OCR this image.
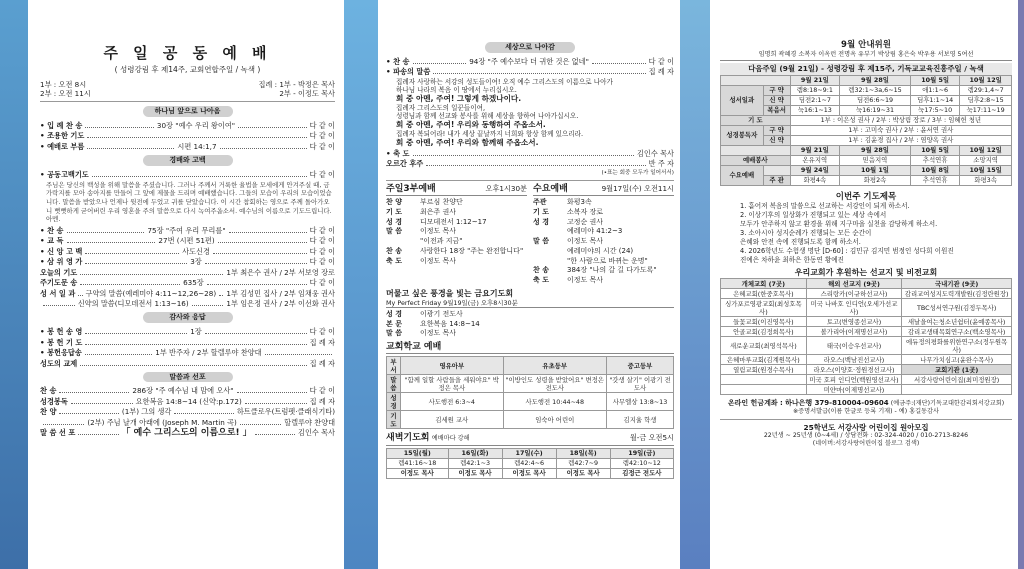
주 일 공 동 예 배
( 성령강림 후 제14주, 교회연합주일 / 녹색 )
1부 : 오전 8시	집례 : 1부 - 박정은 목사
2부 : 오전 11시	2부 - 이정도 목사
하나님 앞으로 나아옴
• 입 례 찬 송	30장 "예수 우리 왕이여"	다 같 이
• 조용한 기도	다 같 이
• 예배로 부름	시편 14:1,7	다 같 이
경배와 고백
• 공동고백기도	다 같 이
주님은 당신의 백성을 위해 말씀을 주셨습니다. 그러나 주께서 거룩한 율법을 모세에게 안겨주실 때, 금가락지를 모아 송아지를 만들어 그 앞에 제물을 드리며 예배했습니다. 그들의 모습이 우리의 모습이었습니다. 말씀을 받았으나 언제나 뒷전에 두었고 귀를 닫았습니다. 이 시간 참회하는 영으로 주께 돌아가오니 뻣뻣하게 굳어버린 우리 영혼을 주의 말씀으로 다시 녹여주옵소서. 예수님의 이름으로 기도드립니다. 아멘.
• 찬 송	75장 "주여 우리 무리를"	다 같 이
• 교 독	27번 (시편 51편)	다 같 이
• 신 앙 고 백	사도신경	다 같 이
• 삼 위 영 가	3장	다 같 이
오늘의 기도	1부 최은수 권사 / 2부 서보영 장로
주기도문 송	635장	다 같 이
성 서 일 과 구약의 말씀(예레미야 4:11~12,26~28) 1부 김성민 집사 / 2부 임채웅 권사
신약의 말씀(디모데전서 1:13~16)	1부 임은정 권사 / 2부 이선화 권사
감사와 응답
• 봉 헌 송 영	1장	다 같 이
• 봉 헌 기 도	집 례 자
• 봉헌응답송	1부 반주자 / 2부 할렐루야 찬양대
성도의 교제	집 례 자
말씀과 선포
찬 송	286장 "주 예수님 내 맘에 오사"	다 같 이
성경봉독	요한복음 14:8~14 (신약:p.172)	집 례 자
찬 양	(1부) 그의 생각	하트클로우(트럼펫·클래식기타)
(2부) 주님 날개 아래에 (Joseph M. Martin 곡)	할렐루야 찬양대
말 씀 선 포	「 예수 그리스도의 이름으로! 」	김인수 목사
세상으로 나아감
• 찬 송	94장 "주 예수보다 더 귀한 것은 없네"	다 같 이
• 파송의 말씀	집 례 자
집례자 사랑하는 서강의 성도들이여! 오직 예수 그리스도의 이름으로 나아가
하나님 나라의 복음 이 땅에서 누리십시오.
회 중 아멘, 주여! 그렇게 하겠나이다.
집례자 그리스도의 일꾼들이여,
성령님과 함께 선교와 봉사를 위해 세상을 향하여 나아가십시오.
회 중 아멘, 주여! 우리와 동행하여 주옵소서.
집례자 복되어라! 내가 세상 끝날까지 너희와 항상 함께 있으리라.
회 중 아멘, 주여! 우리와 함께해 주옵소서.
• 축 도	김인수 목사
오르간 후주	반 주 자
(•표는 회중 모두가 일어서서)
주일3부예배	오후1시30분
찬 양	부르심 찬양단
기 도	최은주 권사
성 경	디모데전서 1:12~17
말 씀	이정도 목사
"이전과 지금"
찬 송	사랑한다 18장 "주는 완전합니다"
축 도	이정도 목사
수요예배	9월17일(수) 오전11시
주관	화평3속
기 도	소복자 장로
성 경	고정순 권사
예레미야 41:2~3
말 씀	이정도 목사
예레미야의 시간 (24)
"한 사람으로 바뀌는 운명"
찬 송	384장 "나의 갈 길 다가도록"
축 도	이정도 목사
머물고 싶은 풍경을 빛는 금요기도회
My Perfect Friday 9월19일(금) 오후8시30분
성 경	이광기 전도사
본 문	요한복음 14:8~14
말 씀	이정도 목사
교회학교 예배
부서	영유아부	유초등부	중고등부
말씀	"함께 일할 사람들을 세워야요" 박정은 목사	"이방인도 성령을 받았어요" 변정은 전도사	"갓생 살기" 이광기 전도사
성경	사도행전 6:3~4	사도행전 10:44~48	사무엘상 13:8~13
기도	김세원 교사	임숙아 어린이	김지율 학생
새벽기도회 예배마다 강해	월-금 오전5시
15일(월)	16일(화)	17일(수)	18일(목)	19일(금)
렘41:16~18	렘42:1~3	렘42:4~6	렘42:7~9	렘42:10~12
이정도 목사	이정도 목사	이정도 목사	이정도 목사	김정근 전도사
9월 안내위원
임명희 곽혜경 소복자 이옥런 전명옥 유부기 박상림 홍은숙 박우용 서보영 5여선
다음주일 (9월 21일) - 성령강림 후 제15주, 기독교교육진흥주일 / 녹색
		9월 21일	9월 28일	10월 5일	10월 12일
성서일과	구 약	렘8:18~9:1	렘32:1~3a,6~15	애1:1~6	렘29:1,4~7
	신 약	딤전2:1~7	딤전6:6~19	딤후1:1~14	딤후2:8~15
	복음서	눅16:1~13	눅16:19~31	눅17:5~10	눅17:11~19
기 도		1부 : 이은성 권사 / 2부 : 박상림 장로 / 3부 : 임혜헌 청년			
성경봉독자	구 약	1부 : 고미숙 권사 / 2부 : 윤서연 권사			
	신 약	1부 : 김윤경 집사 / 2부 : 염양옥 권사			
		9월 21일	9월 28일	10월 5일	10월 12일
예배봉사		온유지역	믿음지역	추석연휴	소망지역
수요예배		9월 24일	10월 1일	10월 8일	10월 15일
	주 관	화평4속	화평2속	추석연휴	화평3속
이번주 기도제목
1. 흩어져 복음의 말씀으로 선교하는 서강인이 되게 하소서.
2. 이상기후의 일상화가 진행되고 있는 세상 속에서
모두가 안주하지 않고 환경을 위해 지구마을 실천을 감당하게 하소서.
3. 소아시아 성지순례가 진행되는 모든 순간이
은혜와 안전 속에 진행되도록 함께 하소서.
4. 2026학년도 수험생 명단 [D-60] : 김민규 김지민 범정인 성다희 이원진
진예은 차하윤 최하은 한동연 황예진
우리교회가 후원하는 선교지 및 비전교회
개체교회 (7곳)	해외 선교지 (9곳)	국내기관 (9곳)
은혜교회(한중호목사)	스리랑카(이규하선교사)	감리교여성지도력개발원(김정란원장)
싱가포르영광교회(최성호목사)	미국 나바호 인디언(오세가선교사)	TBC성서연구원(김정두목사)
들꽃교회(이진영목사)	토고(변영종선교사)	새날을여는청소년쉼터(윤예종목사)
안골교회(김정희목사)	볼가리아(이재명선교사)	감리교생태목회연구소(백소영목사)
새로운교회(최영석목사)	태국(이승우선교사)	에듀정의평화를위한연구소(정두원목사)
은혜마루교회(김계원목사)	라오스(백남진선교사)	나무가치심고(윤완수목사)
열림교회(원경수목사)	라오스(이양호·정원경선교사)	교회기관 (1곳)
	미국 호피 인디언(백원영선교사)	서강사랑어린이집(최미정원장)
	미얀마(이제명선교사)	
온라인 헌금계좌 : 하나은행 379-810004-09604 (예금주:(재단)기독교대한감리회서강교회)
※증명서발급(이름 한글로 등록 기재) - 예) 홍길동감사
25학년도 서강사랑 어린이집 원아모집
22년생 ~ 25년생 (0~4세) / 상담전화 : 02-324-4020 / 010-2713-8246
(네이버:서강사랑어린이집 블로그 검색)
